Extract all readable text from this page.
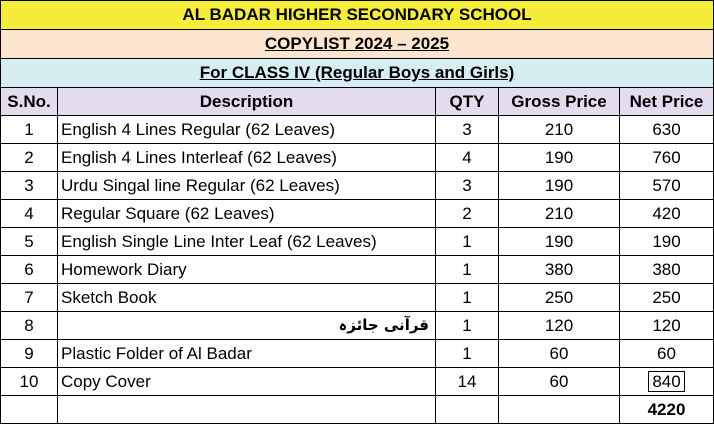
AL BADAR HIGHER SECONDARY SCHOOL				
COPYLIST 2024 – 2025				
For CLASS IV (Regular Boys and Girls)				
S.No.	Description	QTY	Gross Price	Net Price
1	English 4 Lines Regular (62 Leaves)	3	210	630
2	English 4 Lines Interleaf (62 Leaves)	4	190	760
3	Urdu Singal line Regular (62 Leaves)	3	190	570
4	Regular Square (62 Leaves)	2	210	420
5	English Single Line Inter Leaf (62 Leaves)	1	190	190
6	Homework Diary	1	380	380
7	Sketch Book	1	250	250
8	قرآنی جائزہ	1	120	120
9	Plastic Folder of Al Badar	1	60	60
10	Copy Cover	14	60	840
				4220
